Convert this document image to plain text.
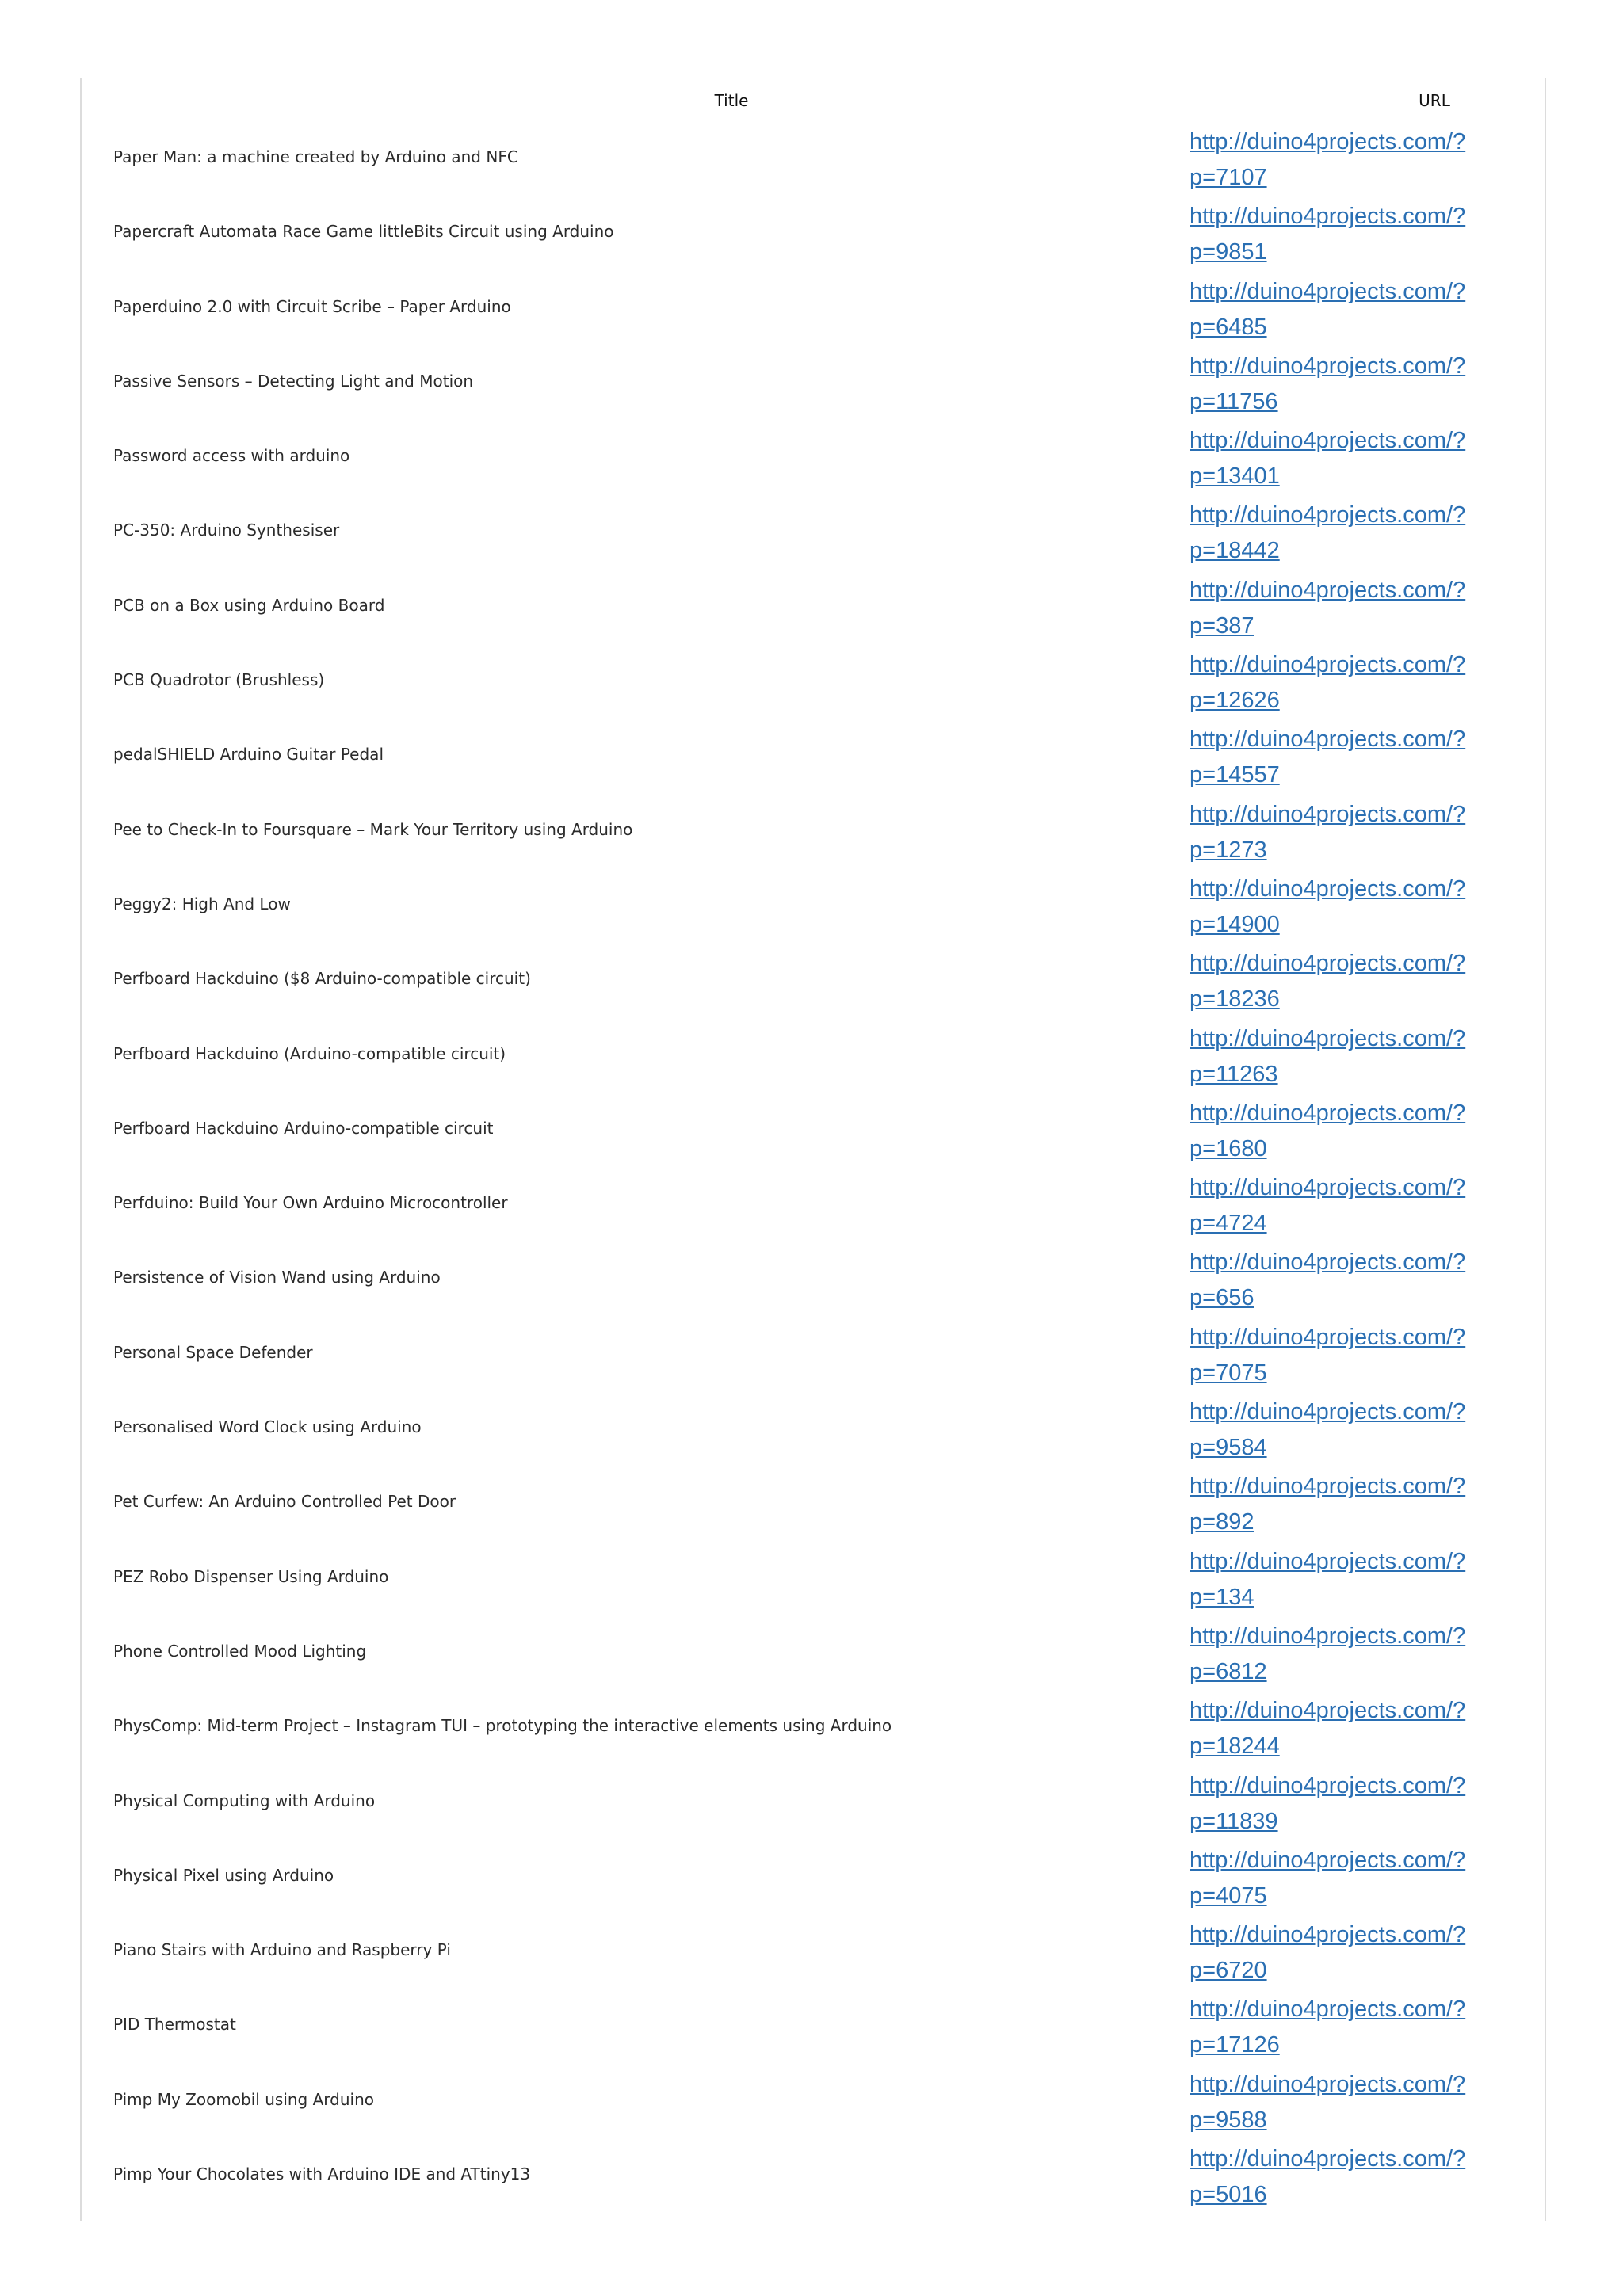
Title	URL
Paper Man: a machine created by Arduino and NFC
http://duino4projects.com/?
p=7107
Papercraft Automata Race Game littleBits Circuit using Arduino
http://duino4projects.com/?
p=9851
Paperduino 2.0 with Circuit Scribe – Paper Arduino
http://duino4projects.com/?
p=6485
Passive Sensors – Detecting Light and Motion
http://duino4projects.com/?
p=11756
Password access with arduino
http://duino4projects.com/?
p=13401
PC-350: Arduino Synthesiser
http://duino4projects.com/?
p=18442
PCB on a Box using Arduino Board
http://duino4projects.com/?
p=387
PCB Quadrotor (Brushless)
http://duino4projects.com/?
p=12626
pedalSHIELD Arduino Guitar Pedal
http://duino4projects.com/?
p=14557
Pee to Check-In to Foursquare – Mark Your Territory using Arduino
http://duino4projects.com/?
p=1273
Peggy2: High And Low
http://duino4projects.com/?
p=14900
Perfboard Hackduino ($8 Arduino-compatible circuit)
http://duino4projects.com/?
p=18236
Perfboard Hackduino (Arduino-compatible circuit)
http://duino4projects.com/?
p=11263
Perfboard Hackduino Arduino-compatible circuit
http://duino4projects.com/?
p=1680
Perfduino: Build Your Own Arduino Microcontroller
http://duino4projects.com/?
p=4724
Persistence of Vision Wand using Arduino
http://duino4projects.com/?
p=656
Personal Space Defender
http://duino4projects.com/?
p=7075
Personalised Word Clock using Arduino
http://duino4projects.com/?
p=9584
Pet Curfew: An Arduino Controlled Pet Door
http://duino4projects.com/?
p=892
PEZ Robo Dispenser Using Arduino
http://duino4projects.com/?
p=134
Phone Controlled Mood Lighting
http://duino4projects.com/?
p=6812
PhysComp: Mid-term Project – Instagram TUI – prototyping the interactive elements using Arduino
http://duino4projects.com/?
p=18244
Physical Computing with Arduino
http://duino4projects.com/?
p=11839
Physical Pixel using Arduino
http://duino4projects.com/?
p=4075
Piano Stairs with Arduino and Raspberry Pi
http://duino4projects.com/?
p=6720
PID Thermostat
http://duino4projects.com/?
p=17126
Pimp My Zoomobil using Arduino
http://duino4projects.com/?
p=9588
Pimp Your Chocolates with Arduino IDE and ATtiny13
http://duino4projects.com/?
p=5016
